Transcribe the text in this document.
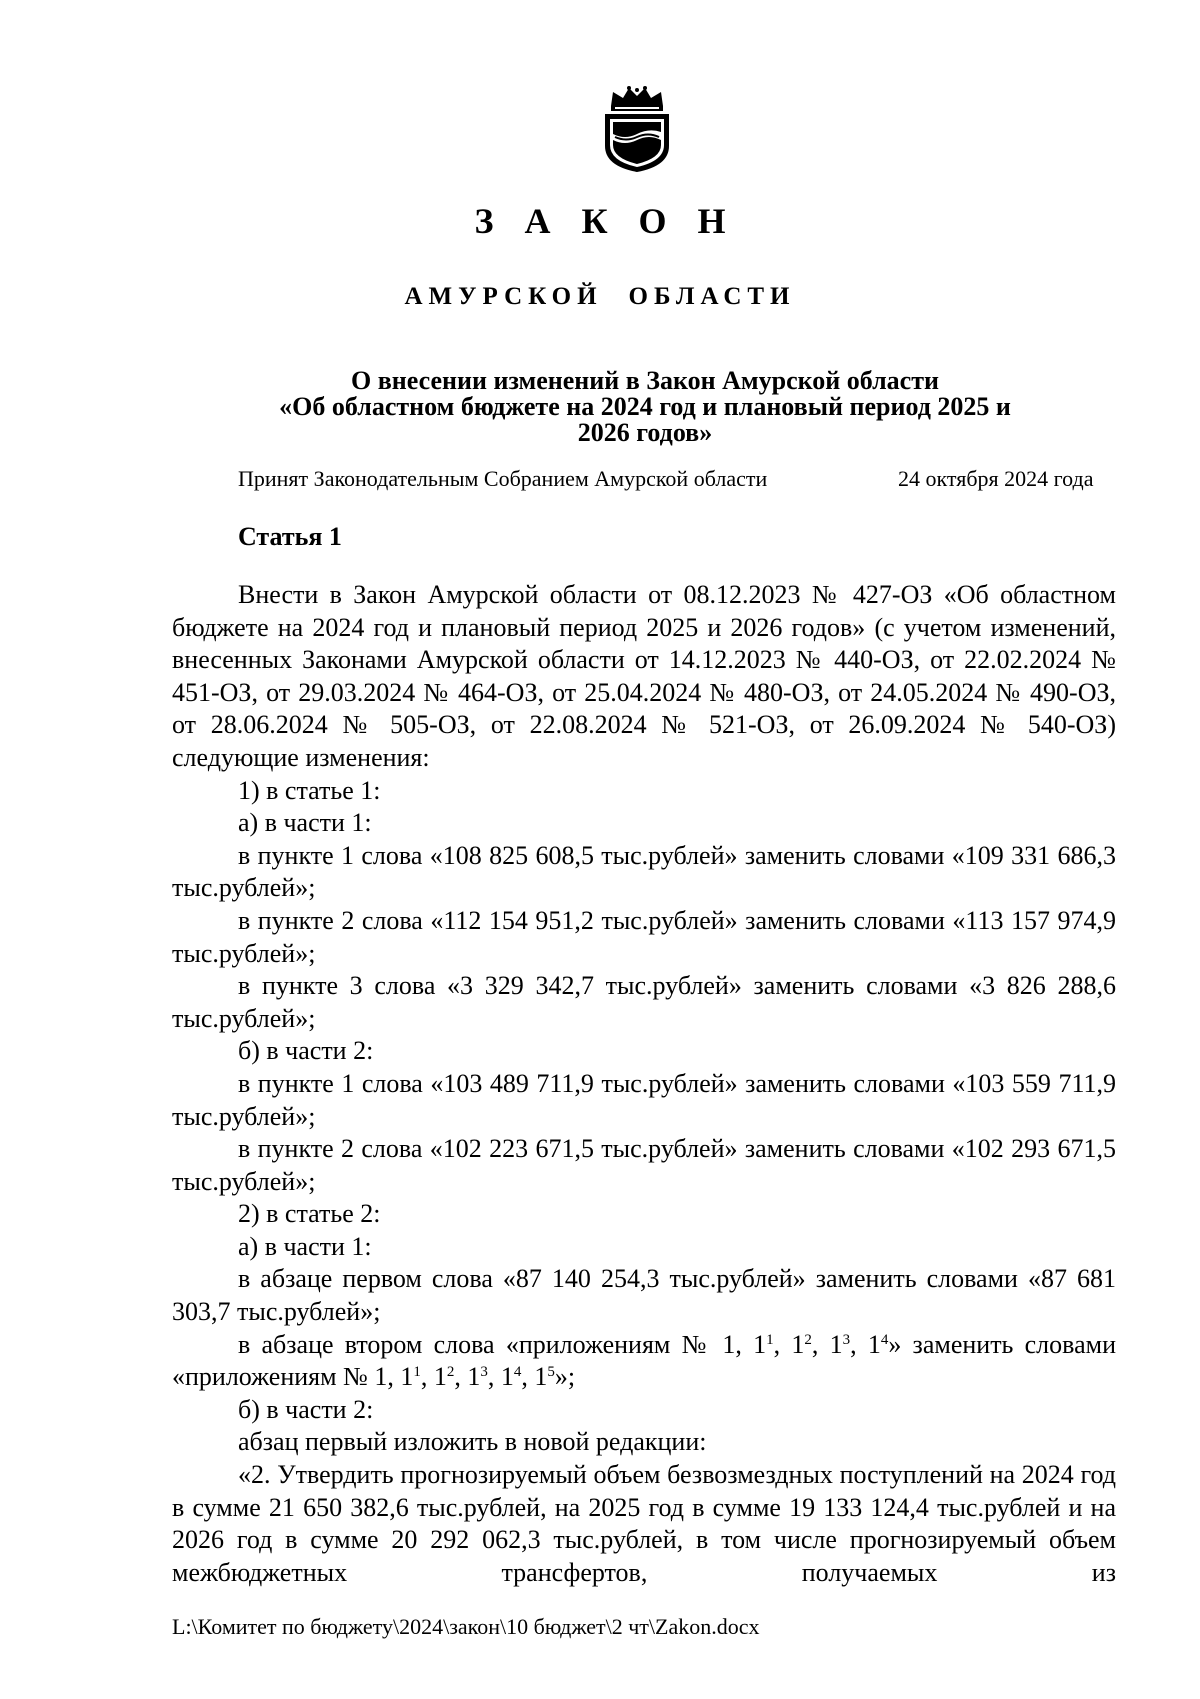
З А К О Н
АМУРСКОЙ ОБЛАСТИ
О внесении изменений в Закон Амурской области
«Об областном бюджете на 2024 год и плановый период 2025 и
2026 годов»
Принят Законодательным Собранием Амурской области	24 октября 2024 года
Статья 1

Внести в Закон Амурской области от 08.12.2023 № 427-ОЗ «Об областном бюджете на 2024 год и плановый период 2025 и 2026 годов» (с учетом изменений, внесенных Законами Амурской области от 14.12.2023 № 440-ОЗ, от 22.02.2024 № 451-ОЗ, от 29.03.2024 № 464-ОЗ, от 25.04.2024 № 480-ОЗ, от 24.05.2024 № 490-ОЗ, от 28.06.2024 № 505-ОЗ, от 22.08.2024 № 521-ОЗ, от 26.09.2024 № 540-ОЗ) следующие изменения:

1) в статье 1:

а) в части 1:

в пункте 1 слова «108 825 608,5 тыс.рублей» заменить словами «109 331 686,3 тыс.рублей»;

в пункте 2 слова «112 154 951,2 тыс.рублей» заменить словами «113 157 974,9 тыс.рублей»;

в пункте 3 слова «3 329 342,7 тыс.рублей» заменить словами «3 826 288,6 тыс.рублей»;

б) в части 2:

в пункте 1 слова «103 489 711,9 тыс.рублей» заменить словами «103 559 711,9 тыс.рублей»;

в пункте 2 слова «102 223 671,5 тыс.рублей» заменить словами «102 293 671,5 тыс.рублей»;

2) в статье 2:

а) в части 1:

в абзаце первом слова «87 140 254,3 тыс.рублей» заменить словами «87 681 303,7 тыс.рублей»;

в абзаце втором слова «приложениям № 1, $1^1$, $1^2$, $1^3$, $1^4$» заменить словами «приложениям № 1, $1^1$, $1^2$, $1^3$, $1^4$, $1^5$»;

б) в части 2:

абзац первый изложить в новой редакции:

«2. Утвердить прогнозируемый объем безвозмездных поступлений на 2024 год в сумме 21 650 382,6 тыс.рублей, на 2025 год в сумме 19 133 124,4 тыс.рублей и на 2026 год в сумме 20 292 062,3 тыс.рублей, в том числе прогнозируемый объем межбюджетных трансфертов, получаемых из

L:\Комитет по бюджету\2024\закон\10 бюджет\2 чт\Zakon.docx
